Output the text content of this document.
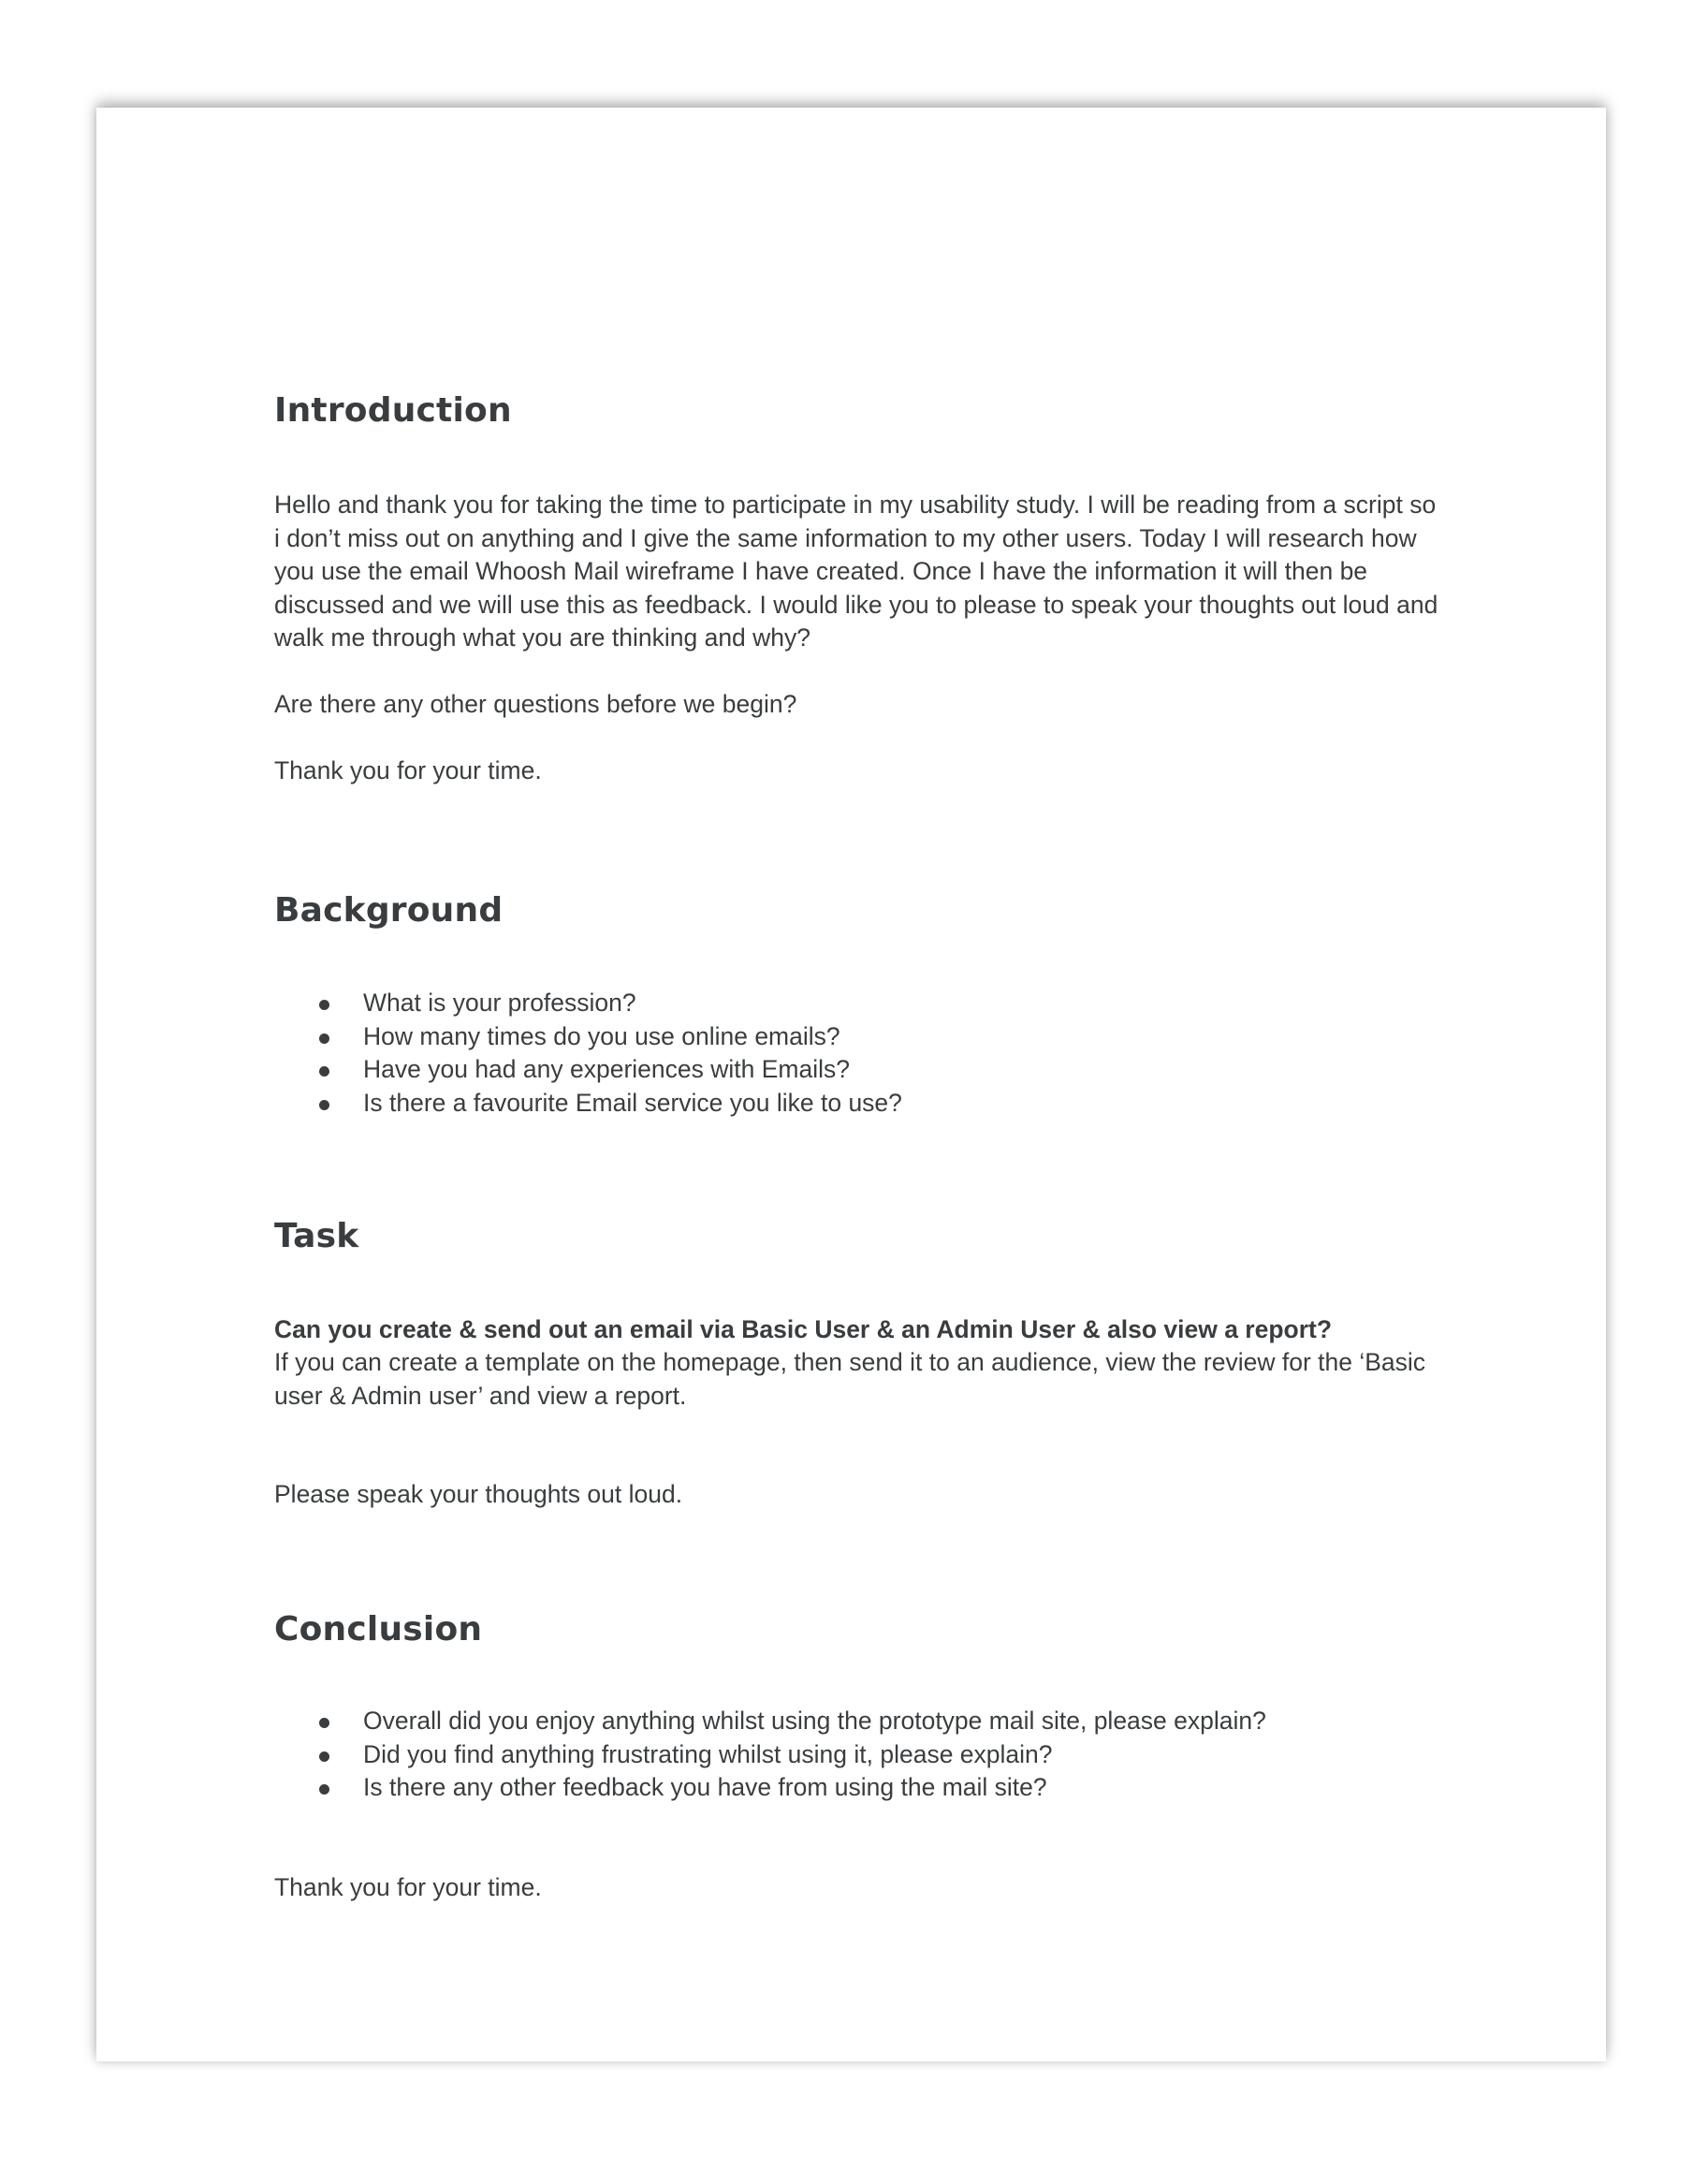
Introduction

Hello and thank you for taking the time to participate in my usability study. I will be reading from a script so i don’t miss out on anything and I give the same information to my other users. Today I will research how you use the email Whoosh Mail wireframe I have created. Once I have the information it will then be discussed and we will use this as feedback. I would like you to please to speak your thoughts out loud and walk me through what you are thinking and why?

Are there any other questions before we begin?

Thank you for your time.

Background
What is your profession?
How many times do you use online emails?
Have you had any experiences with Emails?
Is there a favourite Email service you like to use?
Task

Can you create & send out an email via Basic User & an Admin User & also view a report?

If you can create a template on the homepage, then send it to an audience, view the review for the ‘Basic user & Admin user’ and view a report.

Please speak your thoughts out loud.

Conclusion
Overall did you enjoy anything whilst using the prototype mail site, please explain?
Did you find anything frustrating whilst using it, please explain?
Is there any other feedback you have from using the mail site?

Thank you for your time.
